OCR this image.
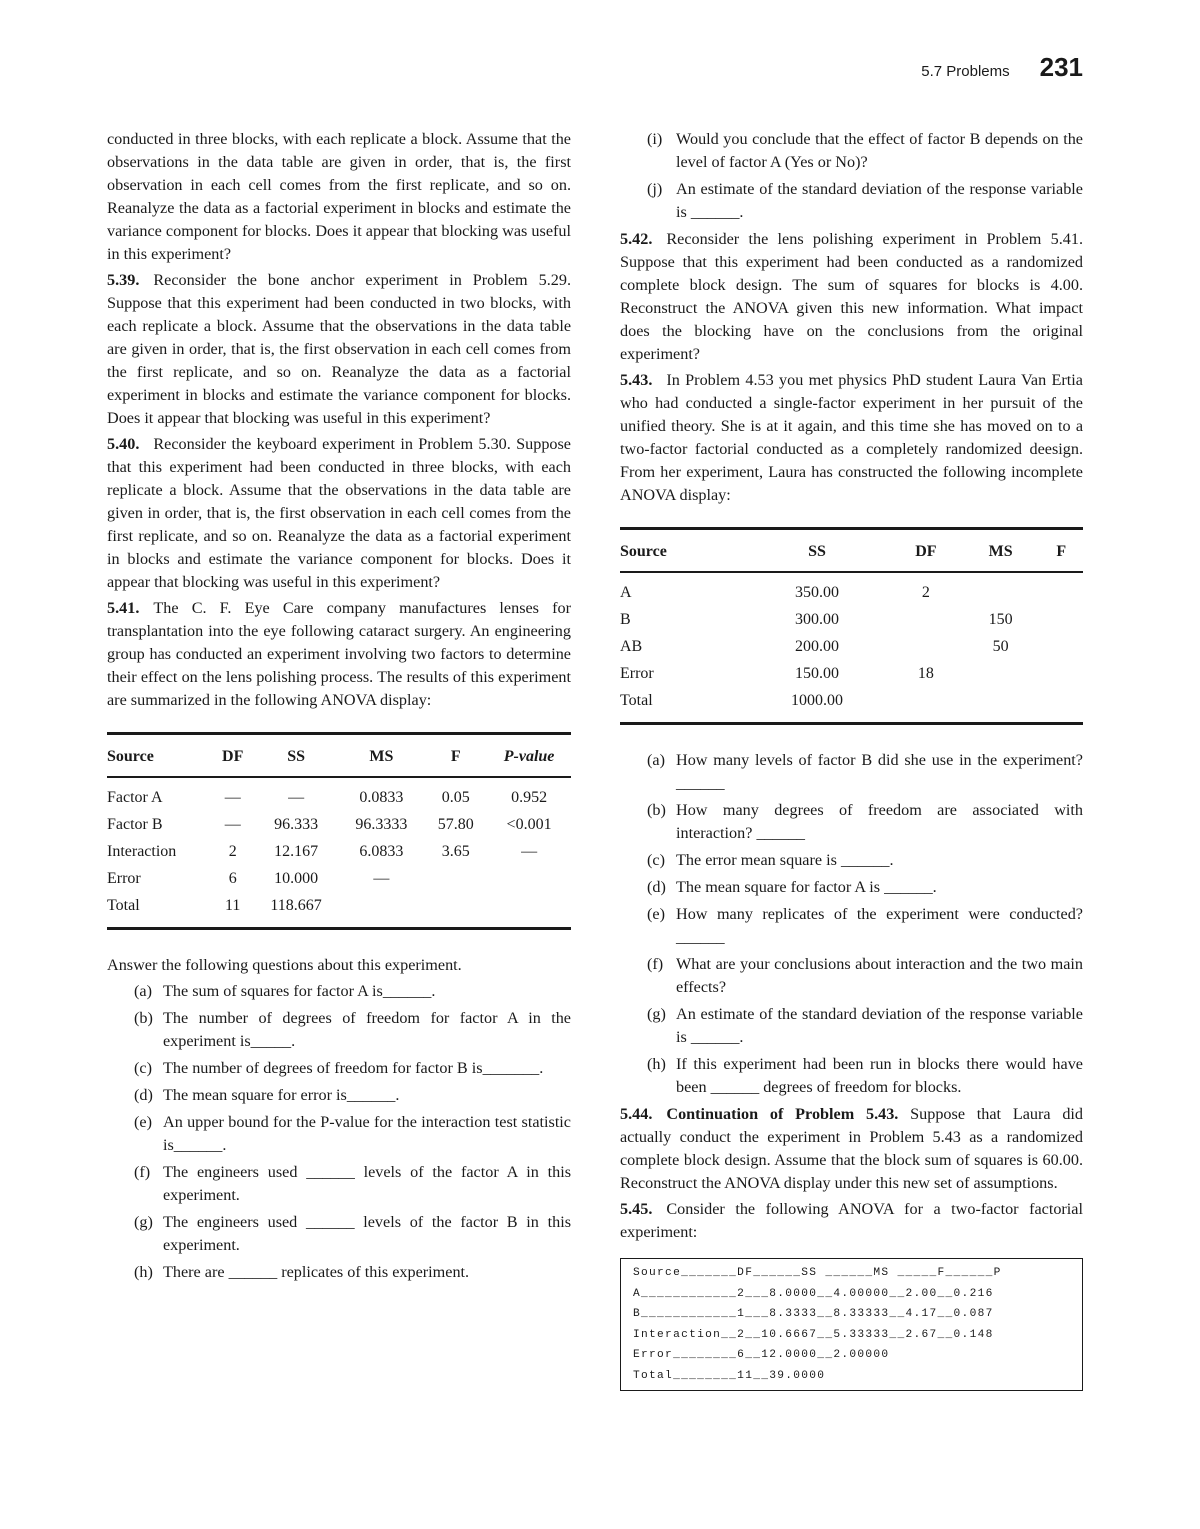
5.7 Problems 231

conducted in three blocks, with each replicate a block. Assume that the observations in the data table are given in order, that is, the first observation in each cell comes from the first replicate, and so on. Reanalyze the data as a factorial experiment in blocks and estimate the variance component for blocks. Does it appear that blocking was useful in this experiment?

5.39. Reconsider the bone anchor experiment in Problem 5.29. Suppose that this experiment had been conducted in two blocks, with each replicate a block. Assume that the observations in the data table are given in order, that is, the first observation in each cell comes from the first replicate, and so on. Reanalyze the data as a factorial experiment in blocks and estimate the variance component for blocks. Does it appear that blocking was useful in this experiment?

5.40. Reconsider the keyboard experiment in Problem 5.30. Suppose that this experiment had been conducted in three blocks, with each replicate a block. Assume that the observations in the data table are given in order, that is, the first observation in each cell comes from the first replicate, and so on. Reanalyze the data as a factorial experiment in blocks and estimate the variance component for blocks. Does it appear that blocking was useful in this experiment?

5.41. The C. F. Eye Care company manufactures lenses for transplantation into the eye following cataract surgery. An engineering group has conducted an experiment involving two factors to determine their effect on the lens polishing process. The results of this experiment are summarized in the following ANOVA display:

Source	DF	SS	MS	F	P-value
Factor A	—	—	0.0833	0.05	0.952
Factor B	—	96.333	96.3333	57.80	<0.001
Interaction	2	12.167	6.0833	3.65	—
Error	6	10.000	—		
Total	11	118.667			

Answer the following questions about this experiment.

(a) The sum of squares for factor A is______.
(b) The number of degrees of freedom for factor A in the experiment is_____.
(c) The number of degrees of freedom for factor B is_______.
(d) The mean square for error is______.
(e) An upper bound for the P-value for the interaction test statistic is______.
(f) The engineers used ______ levels of the factor A in this experiment.
(g) The engineers used ______ levels of the factor B in this experiment.
(h) There are ______ replicates of this experiment.
(i) Would you conclude that the effect of factor B depends on the level of factor A (Yes or No)?
(j) An estimate of the standard deviation of the response variable is ______.

5.42. Reconsider the lens polishing experiment in Problem 5.41. Suppose that this experiment had been conducted as a randomized complete block design. The sum of squares for blocks is 4.00. Reconstruct the ANOVA given this new information. What impact does the blocking have on the conclusions from the original experiment?

5.43. In Problem 4.53 you met physics PhD student Laura Van Ertia who had conducted a single-factor experiment in her pursuit of the unified theory. She is at it again, and this time she has moved on to a two-factor factorial conducted as a completely randomized deesign. From her experiment, Laura has constructed the following incomplete ANOVA display:

Source	SS	DF	MS	F
A	350.00	2		
B	300.00		150	
AB	200.00		50	
Error	150.00	18		
Total	1000.00			
(a) How many levels of factor B did she use in the experiment? ______
(b) How many degrees of freedom are associated with interaction? ______
(c) The error mean square is ______.
(d) The mean square for factor A is ______.
(e) How many replicates of the experiment were conducted? ______
(f) What are your conclusions about interaction and the two main effects?
(g) An estimate of the standard deviation of the response variable is ______.
(h) If this experiment had been run in blocks there would have been ______ degrees of freedom for blocks.

5.44. Continuation of Problem 5.43. Suppose that Laura did actually conduct the experiment in Problem 5.43 as a randomized complete block design. Assume that the block sum of squares is 60.00. Reconstruct the ANOVA display under this new set of assumptions.

5.45. Consider the following ANOVA for a two-factor factorial experiment:

Source_______DF______SS ______MS _____F______P
A____________2___8.0000__4.00000__2.00__0.216
B____________1___8.3333__8.33333__4.17__0.087
Interaction__2__10.6667__5.33333__2.67__0.148
Error________6__12.0000__2.00000
Total________11__39.0000
